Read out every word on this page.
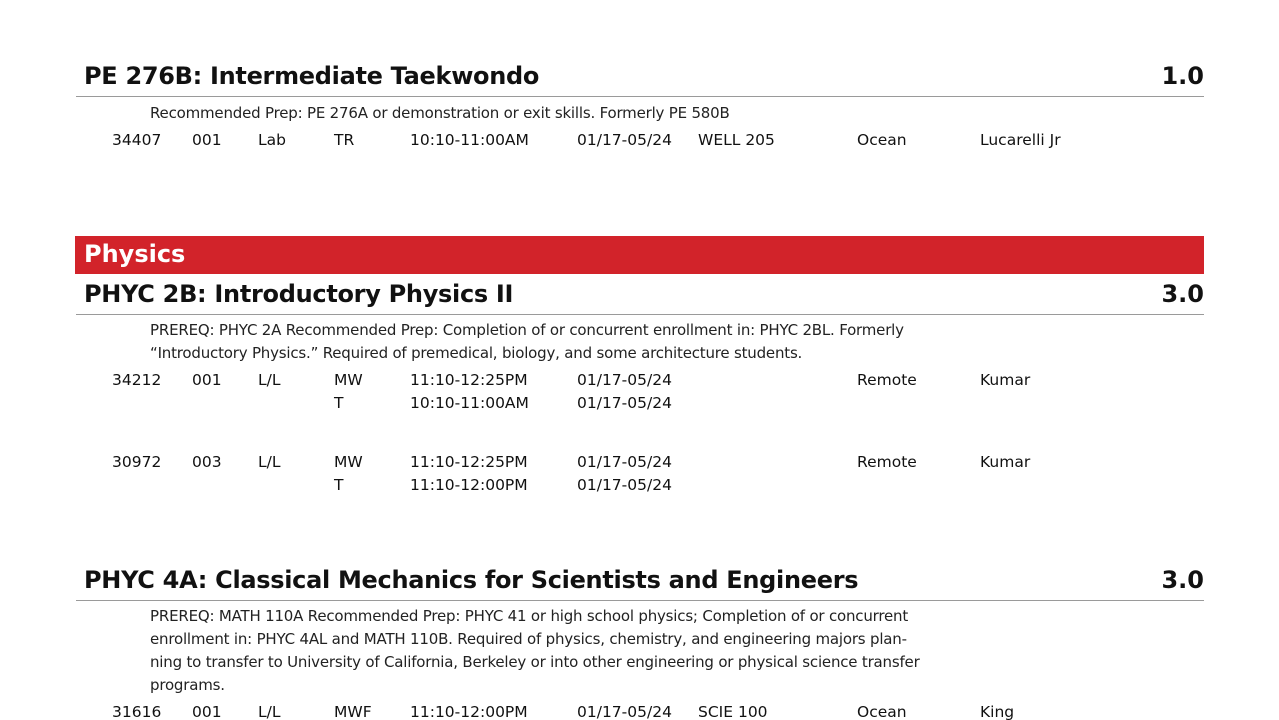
PE 276B: Intermediate Taekwondo	1.0
Recommended Prep: PE 276A or demonstration or exit skills. Formerly PE 580B
34407 001 Lab	TR	10:10-11:00AM	01/17-05/24 WELL 205	Ocean	Lucarelli Jr
Physics
PHYC 2B: Introductory Physics II	3.0
PREREQ: PHYC 2A Recommended Prep: Completion of or concurrent enrollment in: PHYC 2BL. Formerly
“Introductory Physics.” Required of premedical, biology, and some architecture students.
34212 001 L/L	MW	11:10-12:25PM	01/17-05/24	Remote	Kumar
T	10:10-11:00AM	01/17-05/24
30972 003 L/L	MW	11:10-12:25PM	01/17-05/24	Remote	Kumar
T	11:10-12:00PM	01/17-05/24
PHYC 4A: Classical Mechanics for Scientists and Engineers	3.0
PREREQ: MATH 110A Recommended Prep: PHYC 41 or high school physics; Completion of or concurrent
enrollment in: PHYC 4AL and MATH 110B. Required of physics, chemistry, and engineering majors plan-
ning to transfer to University of California, Berkeley or into other engineering or physical science transfer
programs.
31616 001 L/L	MWF 11:10-12:00PM	01/17-05/24 SCIE 100	Ocean	King
